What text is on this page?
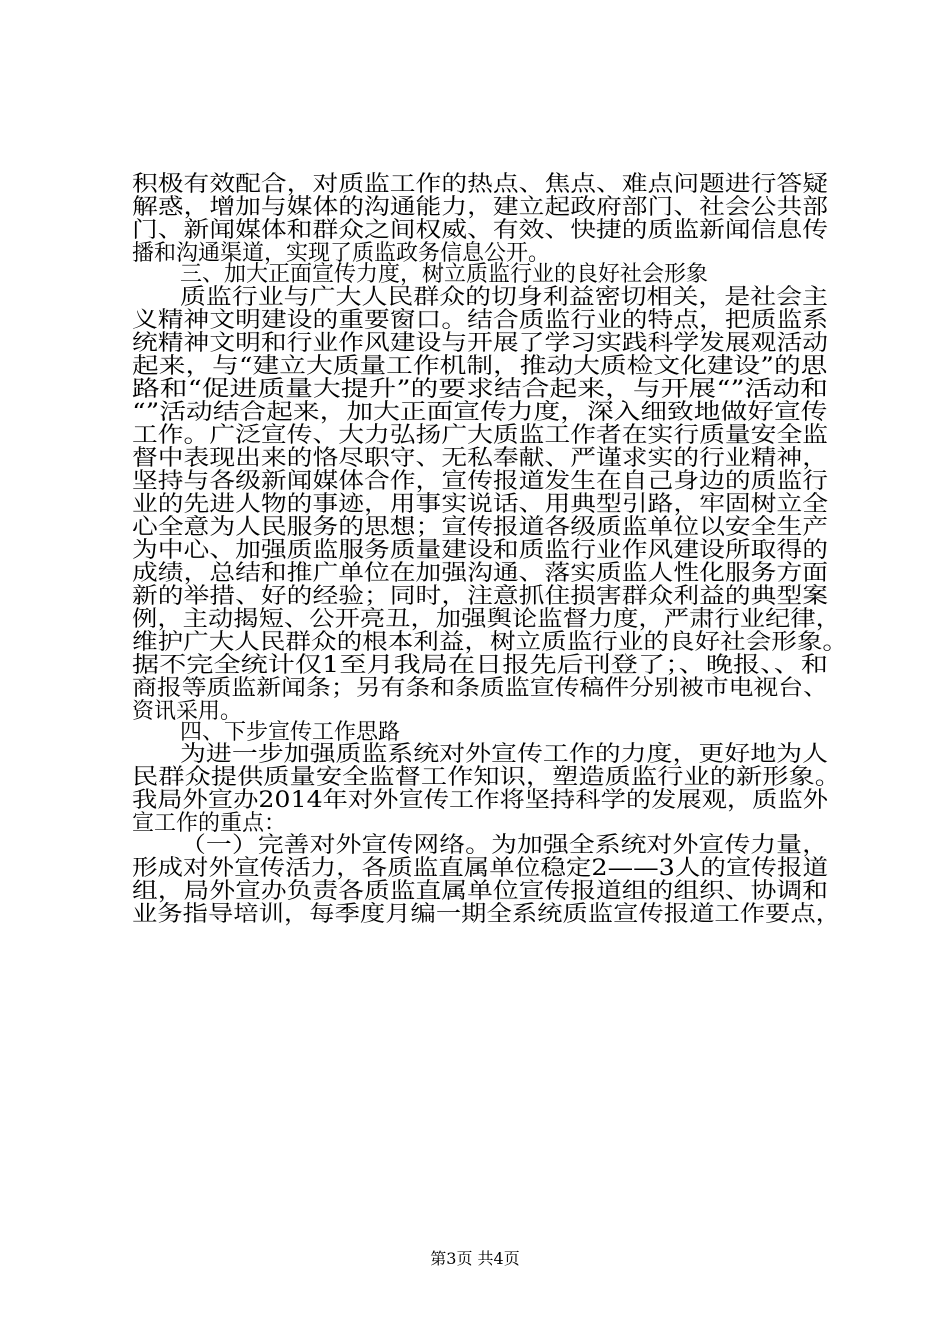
积极有效配合，对质监工作的热点、焦点、难点问题进行答疑
解惑，增加与媒体的沟通能力，建立起政府部门、社会公共部
门、新闻媒体和群众之间权威、有效、快捷的质监新闻信息传
播和沟通渠道，实现了质监政务信息公开。
三、加大正面宣传力度，树立质监行业的良好社会形象
质监行业与广大人民群众的切身利益密切相关，是社会主
义精神文明建设的重要窗口。结合质监行业的特点，把质监系
统精神文明和行业作风建设与开展了学习实践科学发展观活动
起来，与“建立大质量工作机制，推动大质检文化建设”的思
路和“促进质量大提升”的要求结合起来，与开展“”活动和
“”活动结合起来，加大正面宣传力度，深入细致地做好宣传
工作。广泛宣传、大力弘扬广大质监工作者在实行质量安全监
督中表现出来的恪尽职守、无私奉献、严谨求实的行业精神，
坚持与各级新闻媒体合作，宣传报道发生在自己身边的质监行
业的先进人物的事迹，用事实说话、用典型引路，牢固树立全
心全意为人民服务的思想；宣传报道各级质监单位以安全生产
为中心、加强质监服务质量建设和质监行业作风建设所取得的
成绩，总结和推广单位在加强沟通、落实质监人性化服务方面
新的举措、好的经验；同时，注意抓住损害群众利益的典型案
例，主动揭短、公开亮丑，加强舆论监督力度，严肃行业纪律，
维护广大人民群众的根本利益，树立质监行业的良好社会形象。
据不完全统计仅1至月我局在日报先后刊登了；、晚报、、和
商报等质监新闻条；另有条和条质监宣传稿件分别被市电视台、
资讯采用。
四、下步宣传工作思路
为进一步加强质监系统对外宣传工作的力度，更好地为人
民群众提供质量安全监督工作知识，塑造质监行业的新形象。
我局外宣办2014年对外宣传工作将坚持科学的发展观，质监外
宣工作的重点：
（一）完善对外宣传网络。为加强全系统对外宣传力量，
形成对外宣传活力，各质监直属单位稳定2——3人的宣传报道
组，局外宣办负责各质监直属单位宣传报道组的组织、协调和
业务指导培训，每季度月编一期全系统质监宣传报道工作要点，
第3页 共4页
